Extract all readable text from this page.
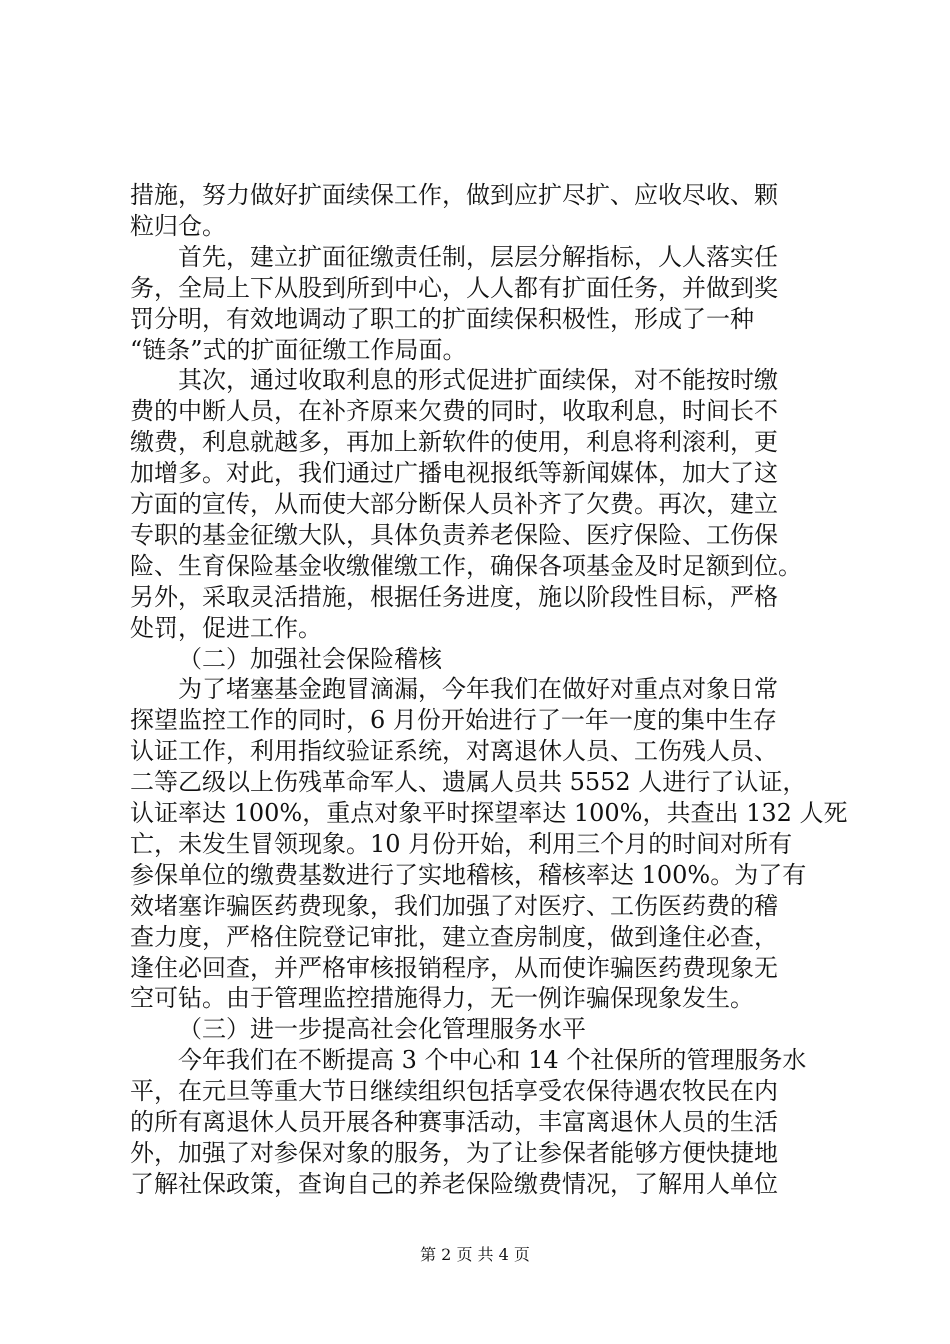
措施，努力做好扩面续保工作，做到应扩尽扩、应收尽收、颗
粒归仓。
首先，建立扩面征缴责任制，层层分解指标，人人落实任
务，全局上下从股到所到中心，人人都有扩面任务，并做到奖
罚分明，有效地调动了职工的扩面续保积极性，形成了一种
“链条”式的扩面征缴工作局面。
其次，通过收取利息的形式促进扩面续保，对不能按时缴
费的中断人员，在补齐原来欠费的同时，收取利息，时间长不
缴费，利息就越多，再加上新软件的使用，利息将利滚利，更
加增多。对此，我们通过广播电视报纸等新闻媒体，加大了这
方面的宣传，从而使大部分断保人员补齐了欠费。再次，建立
专职的基金征缴大队，具体负责养老保险、医疗保险、工伤保
险、生育保险基金收缴催缴工作，确保各项基金及时足额到位。
另外，采取灵活措施，根据任务进度，施以阶段性目标，严格
处罚，促进工作。
（二）加强社会保险稽核
为了堵塞基金跑冒滴漏，今年我们在做好对重点对象日常
探望监控工作的同时，6 月份开始进行了一年一度的集中生存
认证工作，利用指纹验证系统，对离退休人员、工伤残人员、
二等乙级以上伤残革命军人、遗属人员共 5552 人进行了认证，
认证率达 100%，重点对象平时探望率达 100%，共查出 132 人死
亡，未发生冒领现象。10 月份开始，利用三个月的时间对所有
参保单位的缴费基数进行了实地稽核，稽核率达 100%。为了有
效堵塞诈骗医药费现象，我们加强了对医疗、工伤医药费的稽
查力度，严格住院登记审批，建立查房制度，做到逢住必查，
逢住必回查，并严格审核报销程序，从而使诈骗医药费现象无
空可钻。由于管理监控措施得力，无一例诈骗保现象发生。
（三）进一步提高社会化管理服务水平
今年我们在不断提高 3 个中心和 14 个社保所的管理服务水
平，在元旦等重大节日继续组织包括享受农保待遇农牧民在内
的所有离退休人员开展各种赛事活动，丰富离退休人员的生活
外，加强了对参保对象的服务，为了让参保者能够方便快捷地
了解社保政策，查询自己的养老保险缴费情况，了解用人单位
第 2 页 共 4 页
